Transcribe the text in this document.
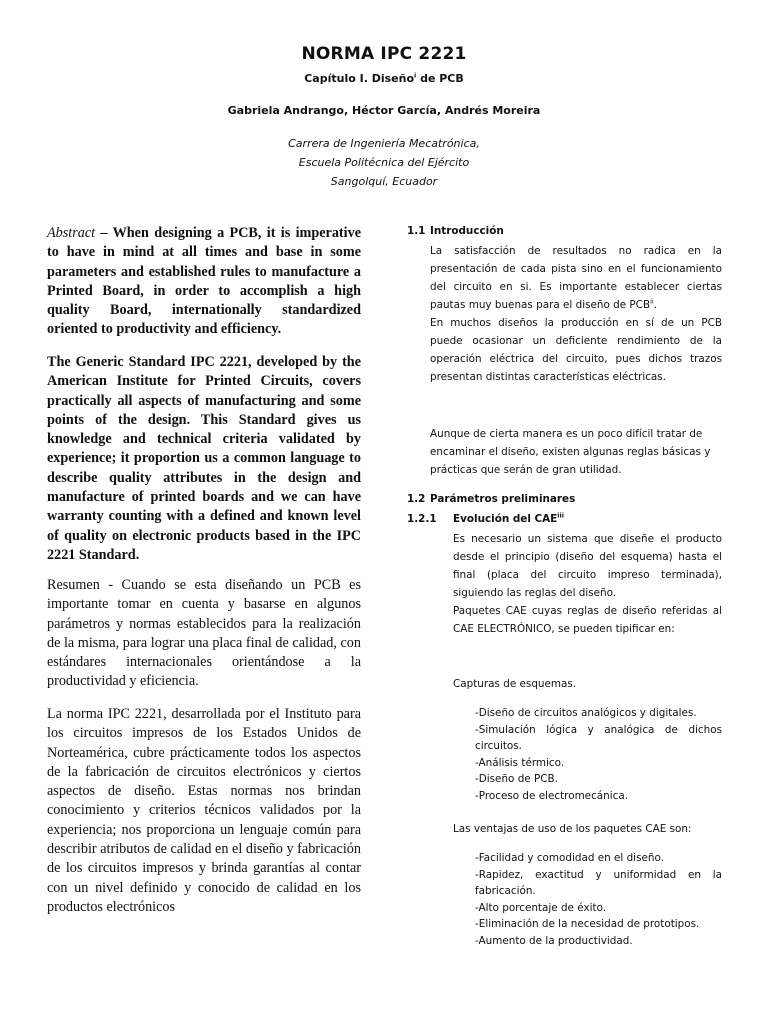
NORMA IPC 2221
Capítulo I. Diseño$^i$ de PCB
Gabriela Andrango, Héctor García, Andrés Moreira
Carrera de Ingeniería Mecatrónica,
Escuela Politécnica del Ejército
Sangolquí, Ecuador
Abstract – When designing a PCB, it is imperative to have in mind at all times and base in some parameters and established rules to manufacture a Printed Board, in order to accomplish a high quality Board, internationally standardized oriented to productivity and efficiency.
The Generic Standard IPC 2221, developed by the American Institute for Printed Circuits, covers practically all aspects of manufacturing and some points of the design. This Standard gives us knowledge and technical criteria validated by experience; it proportion us a common language to describe quality attributes in the design and manufacture of printed boards and we can have warranty counting with a defined and known level of quality on electronic products based in the IPC 2221 Standard.
Resumen - Cuando se esta diseñando un PCB es importante tomar en cuenta y basarse en algunos parámetros y normas establecidos para la realización de la misma, para lograr una placa final de calidad, con estándares internacionales orientándose a la productividad y eficiencia.
La norma IPC 2221, desarrollada por el Instituto para los circuitos impresos de los Estados Unidos de Norteamérica, cubre prácticamente todos los aspectos de la fabricación de circuitos electrónicos y ciertos aspectos de diseño. Estas normas nos brindan conocimiento y criterios técnicos validados por la experiencia; nos proporciona un lenguaje común para describir atributos de calidad en el diseño y fabricación de los circuitos impresos y brinda garantías al contar con un nivel definido y conocido de calidad en los productos electrónicos
1.1 Introducción
La satisfacción de resultados no radica en la presentación de cada pista sino en el funcionamiento del circuito en si. Es importante establecer ciertas pautas muy buenas para el diseño de PCB$^{ii}$.
En muchos diseños la producción en sí de un PCB puede ocasionar un deficiente rendimiento de la operación eléctrica del circuito, pues dichos trazos presentan distintas características eléctricas.
Aunque de cierta manera es un poco difícil tratar de encaminar el diseño, existen algunas reglas básicas y prácticas que serán de gran utilidad.
1.2 Parámetros preliminares
1.2.1 Evolución del CAE$^{iii}$
Es necesario un sistema que diseñe el producto desde el principio (diseño del esquema) hasta el final (placa del circuito impreso terminada), siguiendo las reglas del diseño.
Paquetes CAE cuyas reglas de diseño referidas al CAE ELECTRÓNICO, se pueden tipificar en:
Capturas de esquemas.
-Diseño de circuitos analógicos y digitales.
-Simulación lógica y analógica de dichos circuitos.
-Análisis térmico.
-Diseño de PCB.
-Proceso de electromecánica.
Las ventajas de uso de los paquetes CAE son:
-Facilidad y comodidad en el diseño.
-Rapidez, exactitud y uniformidad en la fabricación.
-Alto porcentaje de éxito.
-Eliminación de la necesidad de prototipos.
-Aumento de la productividad.
